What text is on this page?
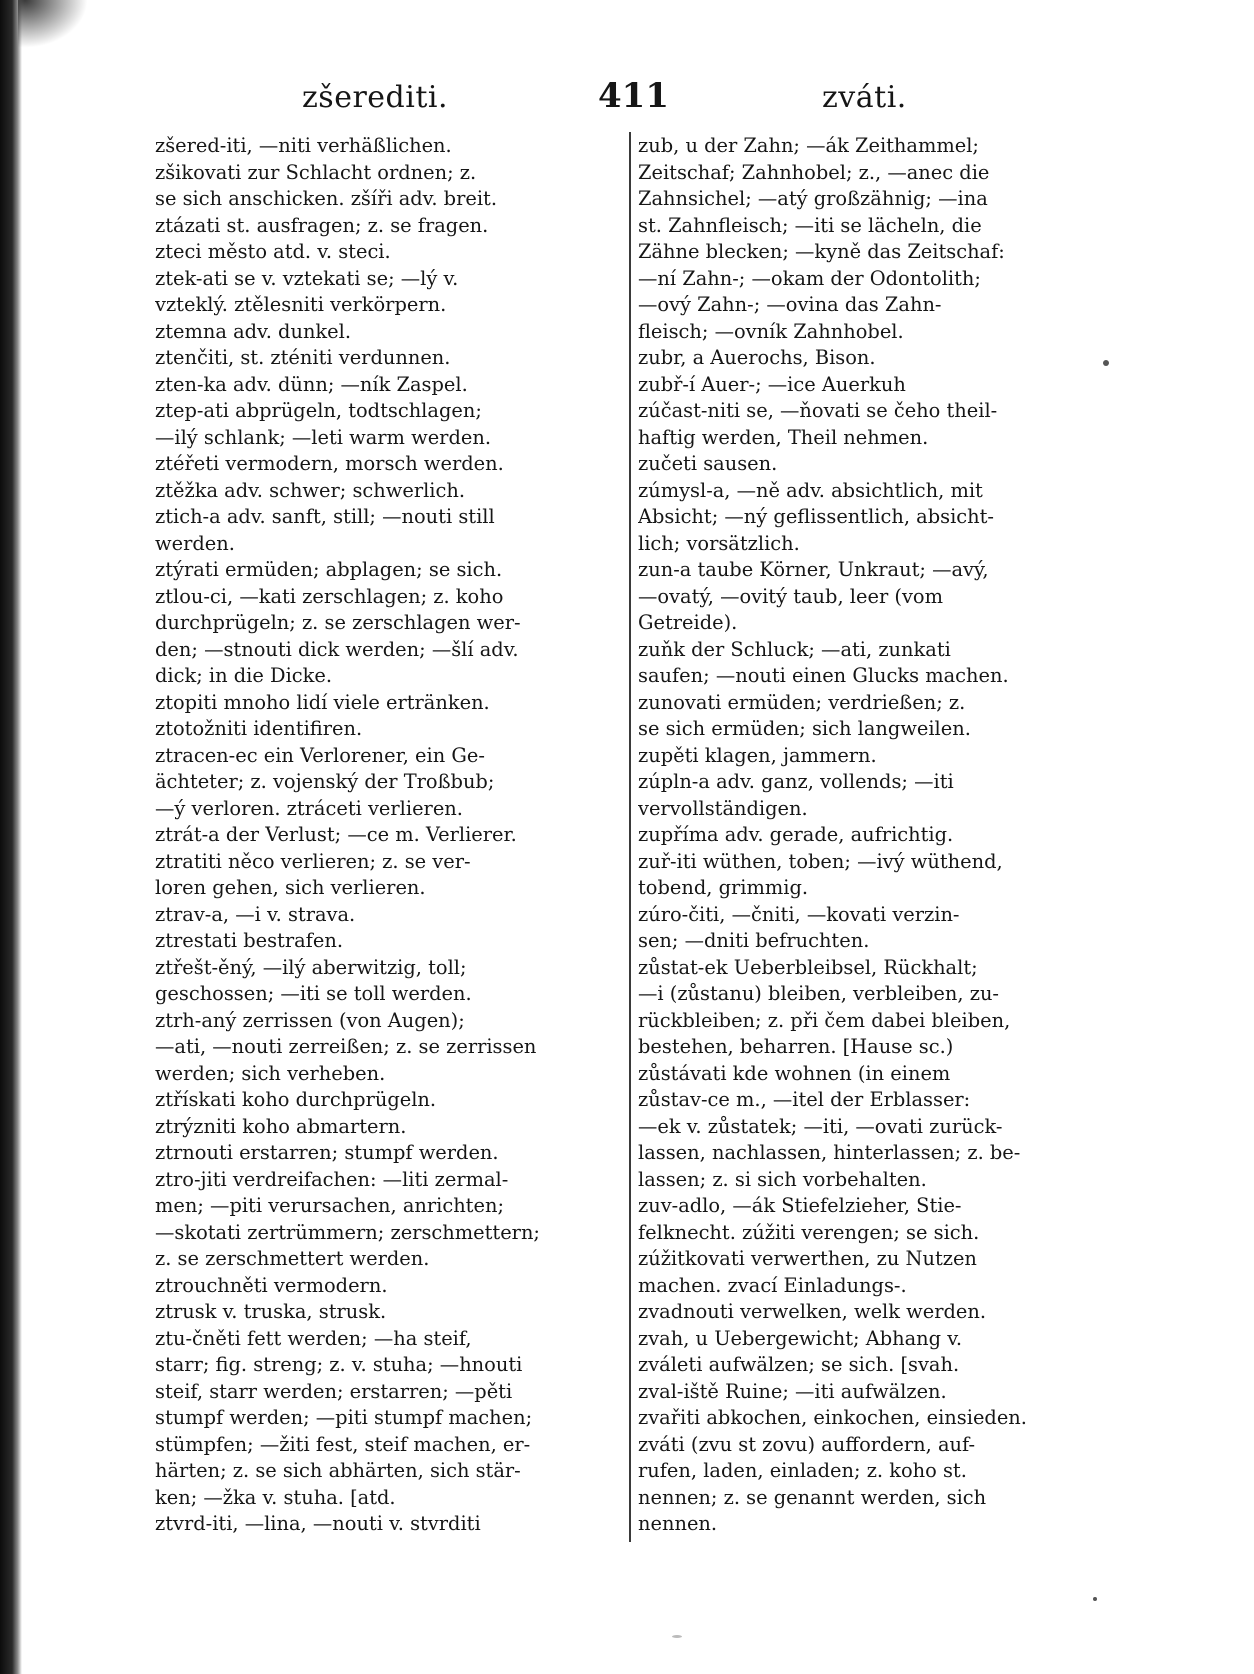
zšerediti.	411	zváti.
zšered-iti, —niti verhäßlichen.
zšikovati zur Schlacht ordnen; z.
se sich anschicken. zšíři adv. breit.
ztázati st. ausfragen; z. se fragen.
zteci město atd. v. steci.
ztek-ati se v. vztekati se; —lý v.
vzteklý. ztělesniti verkörpern.
ztemna adv. dunkel.
ztenčiti, st. zténiti verdunnen.
zten-ka adv. dünn; —ník Zaspel.
ztep-ati abprügeln, todtschlagen;
—ilý schlank; —leti warm werden.
ztéřeti vermodern, morsch werden.
ztěžka adv. schwer; schwerlich.
ztich-a adv. sanft, still; —nouti still
werden.
ztýrati ermüden; abplagen; se sich.
ztlou-ci, —kati zerschlagen; z. koho
durchprügeln; z. se zerschlagen wer-
den; —stnouti dick werden; —šlí adv.
dick; in die Dicke.
ztopiti mnoho lidí viele ertränken.
ztotožniti identifiren.
ztracen-ec ein Verlorener, ein Ge-
ächteter; z. vojenský der Troßbub;
—ý verloren. ztráceti verlieren.
ztrát-a der Verlust; —ce m. Verlierer.
ztratiti něco verlieren; z. se ver-
loren gehen, sich verlieren.
ztrav-a, —i v. strava.
ztrestati bestrafen.
ztřešt-ěný, —ilý aberwitzig, toll;
geschossen; —iti se toll werden.
ztrh-aný zerrissen (von Augen);
—ati, —nouti zerreißen; z. se zerrissen
werden; sich verheben.
ztřískati koho durchprügeln.
ztrýzniti koho abmartern.
ztrnouti erstarren; stumpf werden.
ztro-jiti verdreifachen: —liti zermal-
men; —piti verursachen, anrichten;
—skotati zertrümmern; zerschmettern;
z. se zerschmettert werden.
ztrouchněti vermodern.
ztrusk v. truska, strusk.
ztu-čněti fett werden; —ha steif,
starr; fig. streng; z. v. stuha; —hnouti
steif, starr werden; erstarren; —pěti
stumpf werden; —piti stumpf machen;
stümpfen; —žiti fest, steif machen, er-
härten; z. se sich abhärten, sich stär-
ken; —žka v. stuha. [atd.
ztvrd-iti, —lina, —nouti v. stvrditi
zub, u der Zahn; —ák Zeithammel;
Zeitschaf; Zahnhobel; z., —anec die
Zahnsichel; —atý großzähnig; —ina
st. Zahnfleisch; —iti se lächeln, die
Zähne blecken; —kyně das Zeitschaf:
—ní Zahn-; —okam der Odontolith;
—ový Zahn-; —ovina das Zahn-
fleisch; —ovník Zahnhobel.
zubr, a Auerochs, Bison.
zubř-í Auer-; —ice Auerkuh
zúčast-niti se, —ňovati se čeho theil-
haftig werden, Theil nehmen.
zučeti sausen.
zúmysl-a, —ně adv. absichtlich, mit
Absicht; —ný geflissentlich, absicht-
lich; vorsätzlich.
zun-a taube Körner, Unkraut; —avý,
—ovatý, —ovitý taub, leer (vom
Getreide).
zuňk der Schluck; —ati, zunkati
saufen; —nouti einen Glucks machen.
zunovati ermüden; verdrießen; z.
se sich ermüden; sich langweilen.
zupěti klagen, jammern.
zúpln-a adv. ganz, vollends; —iti
vervollständigen.
zupříma adv. gerade, aufrichtig.
zuř-iti wüthen, toben; —ivý wüthend,
tobend, grimmig.
zúro-čiti, —čniti, —kovati verzin-
sen; —dniti befruchten.
zůstat-ek Ueberbleibsel, Rückhalt;
—i (zůstanu) bleiben, verbleiben, zu-
rückbleiben; z. při čem dabei bleiben,
bestehen, beharren. [Hause sc.)
zůstávati kde wohnen (in einem
zůstav-ce m., —itel der Erblasser:
—ek v. zůstatek; —iti, —ovati zurück-
lassen, nachlassen, hinterlassen; z. be-
lassen; z. si sich vorbehalten.
zuv-adlo, —ák Stiefelzieher, Stie-
felknecht. zúžiti verengen; se sich.
zúžitkovati verwerthen, zu Nutzen
machen. zvací Einladungs-.
zvadnouti verwelken, welk werden.
zvah, u Uebergewicht; Abhang v.
zváleti aufwälzen; se sich. [svah.
zval-iště Ruine; —iti aufwälzen.
zvařiti abkochen, einkochen, einsieden.
zváti (zvu st zovu) auffordern, auf-
rufen, laden, einladen; z. koho st.
nennen; z. se genannt werden, sich
nennen.
